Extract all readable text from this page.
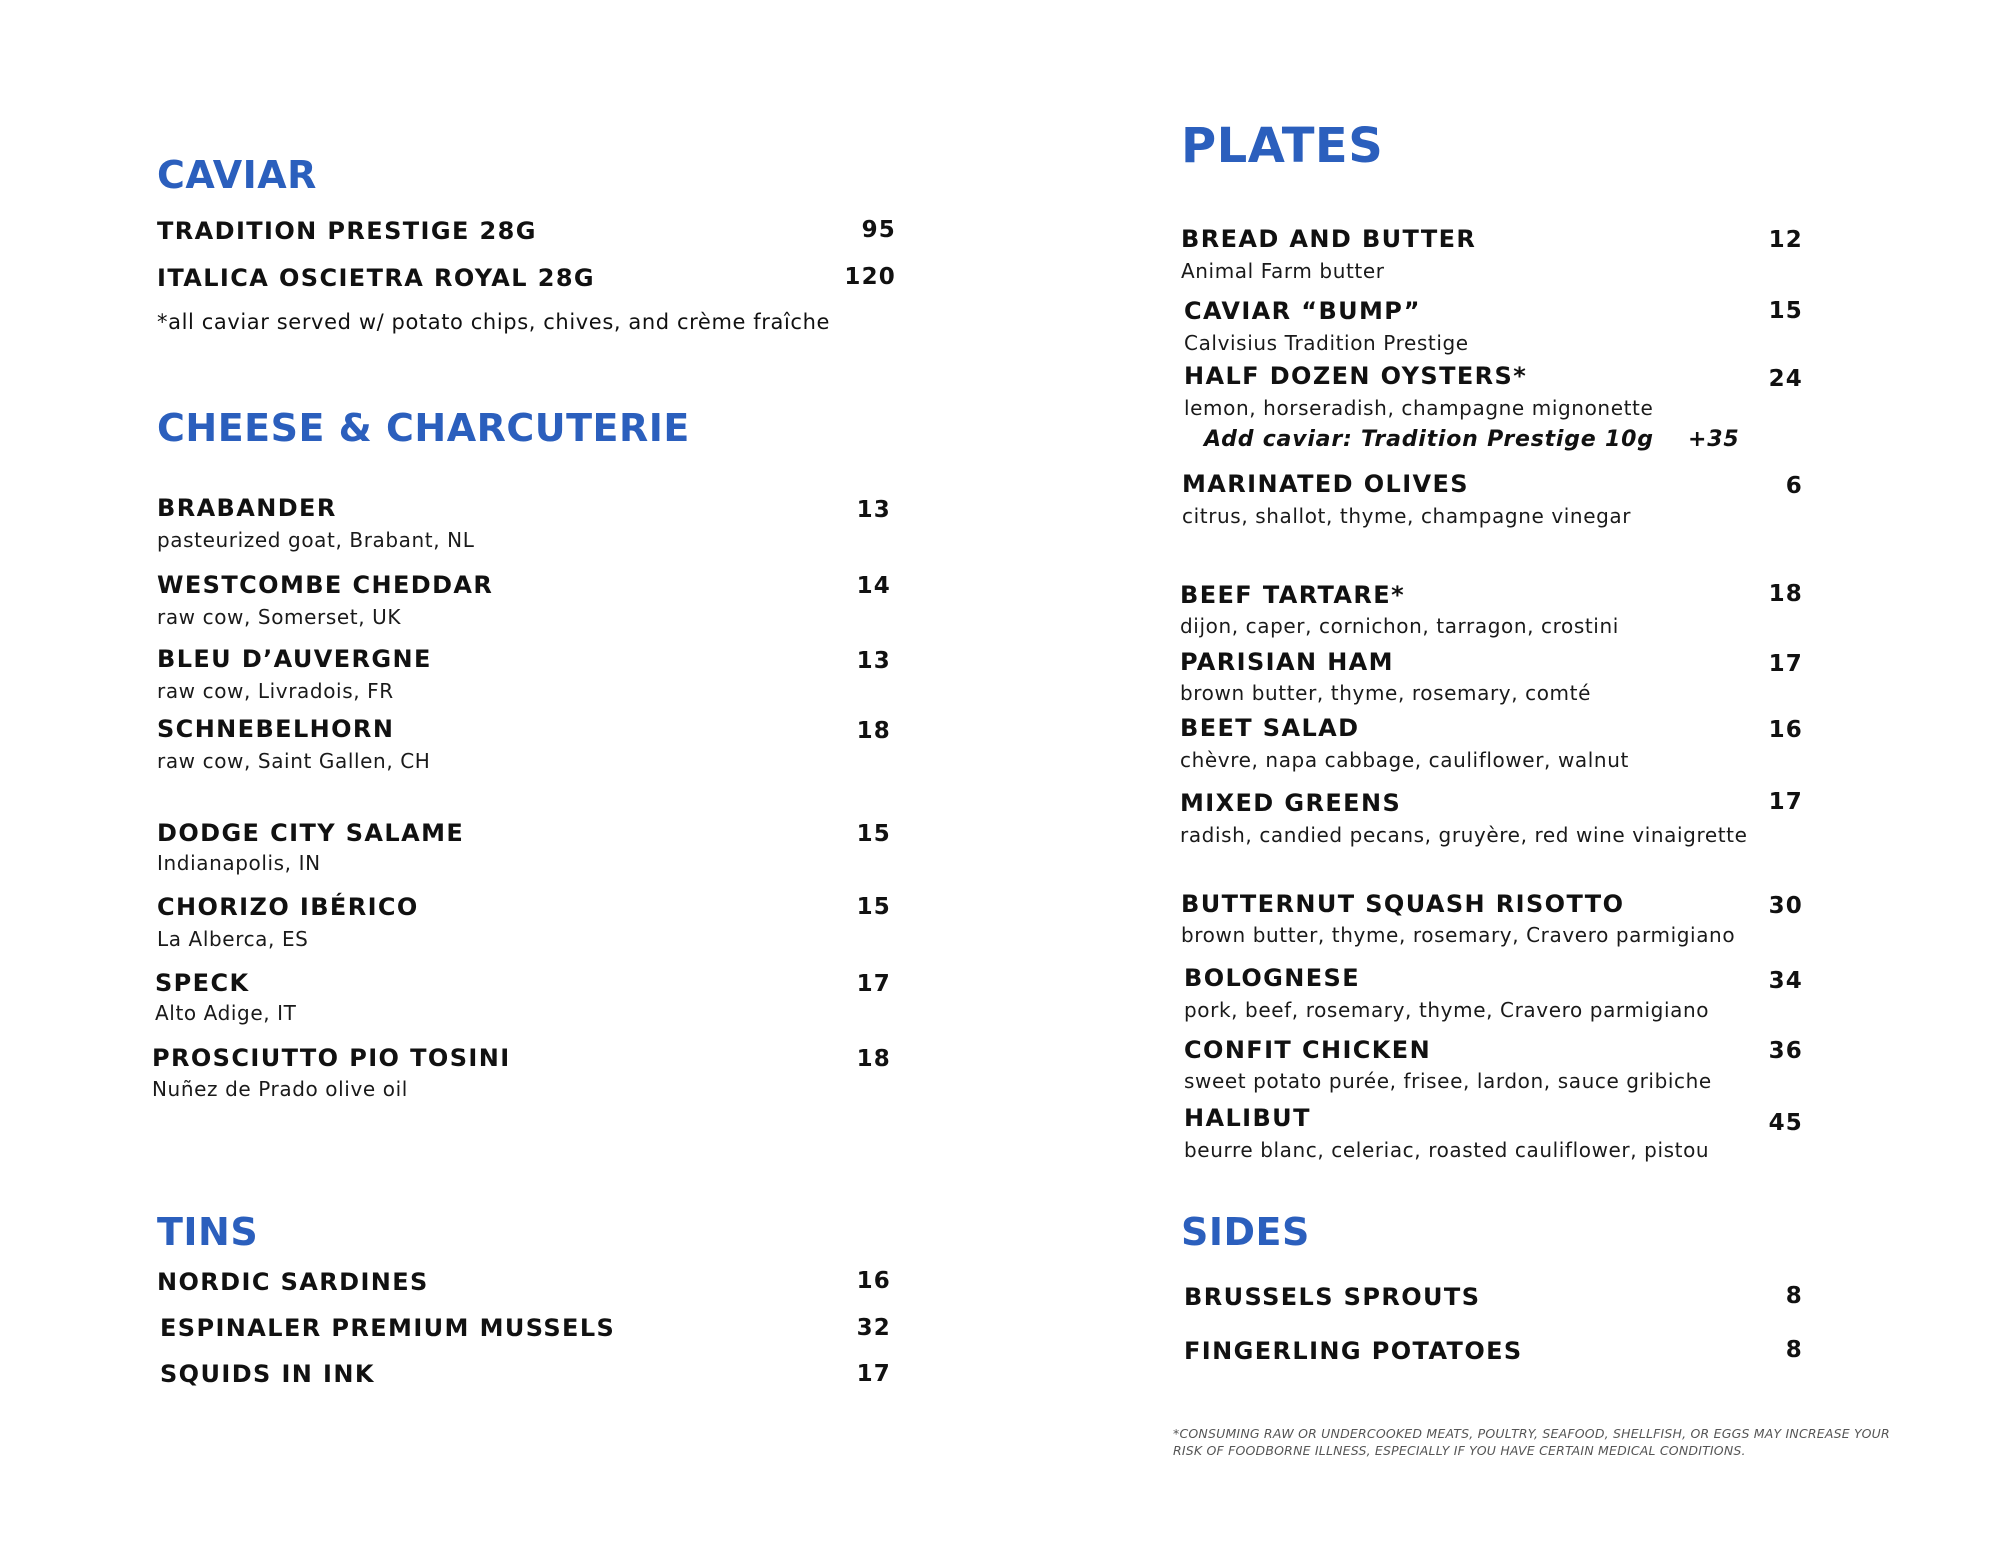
CAVIAR
TRADITION PRESTIGE 28G	95
ITALICA OSCIETRA ROYAL 28G	120
*all caviar served w/ potato chips, chives, and crème fraîche
CHEESE & CHARCUTERIE
BRABANDER	13
pasteurized goat, Brabant, NL
WESTCOMBE CHEDDAR	14
raw cow, Somerset, UK
BLEU D’AUVERGNE	13
raw cow, Livradois, FR
SCHNEBELHORN	18
raw cow, Saint Gallen, CH
DODGE CITY SALAME	15
Indianapolis, IN
CHORIZO IBÉRICO	15
La Alberca, ES
SPECK	17
Alto Adige, IT
PROSCIUTTO PIO TOSINI	18
Nuñez de Prado olive oil
TINS
NORDIC SARDINES	16
ESPINALER PREMIUM MUSSELS	32
SQUIDS IN INK	17
PLATES
BREAD AND BUTTER	12
Animal Farm butter
CAVIAR “BUMP”	15
Calvisius Tradition Prestige
HALF DOZEN OYSTERS*	24
lemon, horseradish, champagne mignonette
Add caviar: Tradition Prestige 10g +35
MARINATED OLIVES	6
citrus, shallot, thyme, champagne vinegar
BEEF TARTARE*	18
dijon, caper, cornichon, tarragon, crostini
PARISIAN HAM	17
brown butter, thyme, rosemary, comté
BEET SALAD	16
chèvre, napa cabbage, cauliflower, walnut
MIXED GREENS	17
radish, candied pecans, gruyère, red wine vinaigrette
BUTTERNUT SQUASH RISOTTO	30
brown butter, thyme, rosemary, Cravero parmigiano
BOLOGNESE	34
pork, beef, rosemary, thyme, Cravero parmigiano
CONFIT CHICKEN	36
sweet potato purée, frisee, lardon, sauce gribiche
HALIBUT	45
beurre blanc, celeriac, roasted cauliflower, pistou
SIDES
BRUSSELS SPROUTS	8
FINGERLING POTATOES	8
*CONSUMING RAW OR UNDERCOOKED MEATS, POULTRY, SEAFOOD, SHELLFISH, OR EGGS MAY INCREASE YOUR RISK OF FOODBORNE ILLNESS, ESPECIALLY IF YOU HAVE CERTAIN MEDICAL CONDITIONS.
